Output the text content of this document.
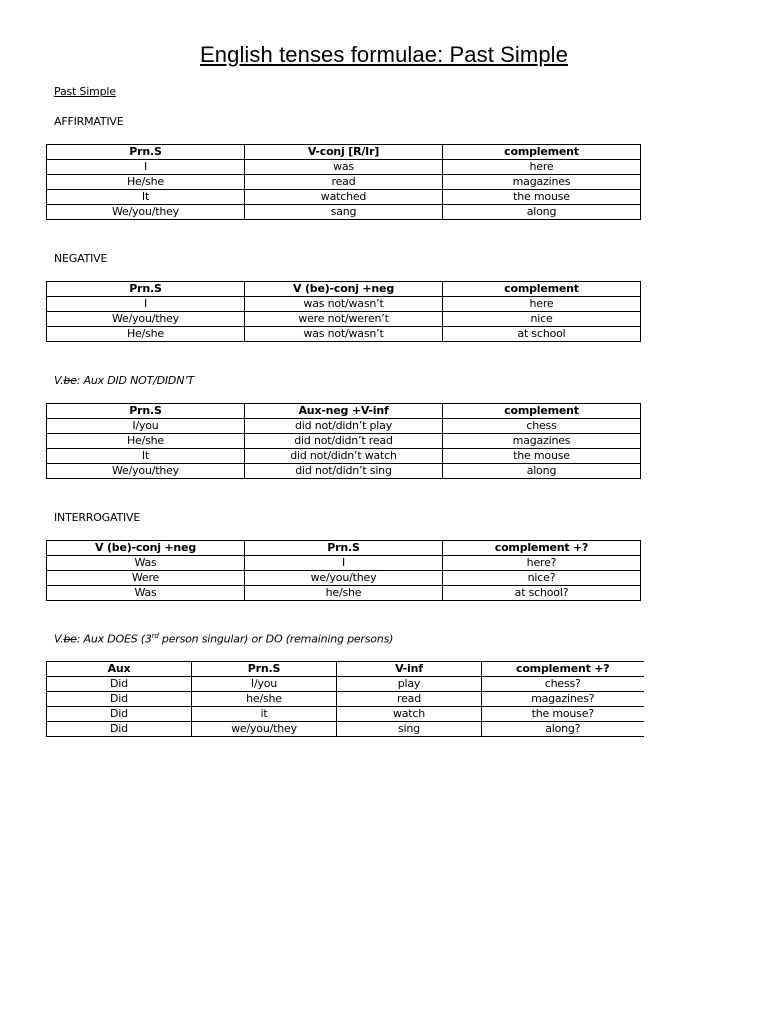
English tenses formulae: Past Simple
Past Simple
AFFIRMATIVE
Prn.S	V-conj [R/Ir]	complement
I	was	here
He/she	read	magazines
It	watched	the mouse
We/you/they	sang	along
NEGATIVE
Prn.S	V (be)-conj +neg	complement
I	was not/wasn’t	here
We/you/they	were not/weren’t	nice
He/she	was not/wasn’t	at school
V.be: Aux DID NOT/DIDN’T
Prn.S	Aux-neg +V-inf	complement
I/you	did not/didn’t play	chess
He/she	did not/didn’t read	magazines
It	did not/didn’t watch	the mouse
We/you/they	did not/didn’t sing	along
INTERROGATIVE
V (be)-conj +neg	Prn.S	complement +?
Was	I	here?
Were	we/you/they	nice?
Was	he/she	at school?
V.be: Aux DOES (3rd person singular) or DO (remaining persons)
Aux	Prn.S	V-inf	complement +?
Did	I/you	play	chess?
Did	he/she	read	magazines?
Did	it	watch	the mouse?
Did	we/you/they	sing	along?
